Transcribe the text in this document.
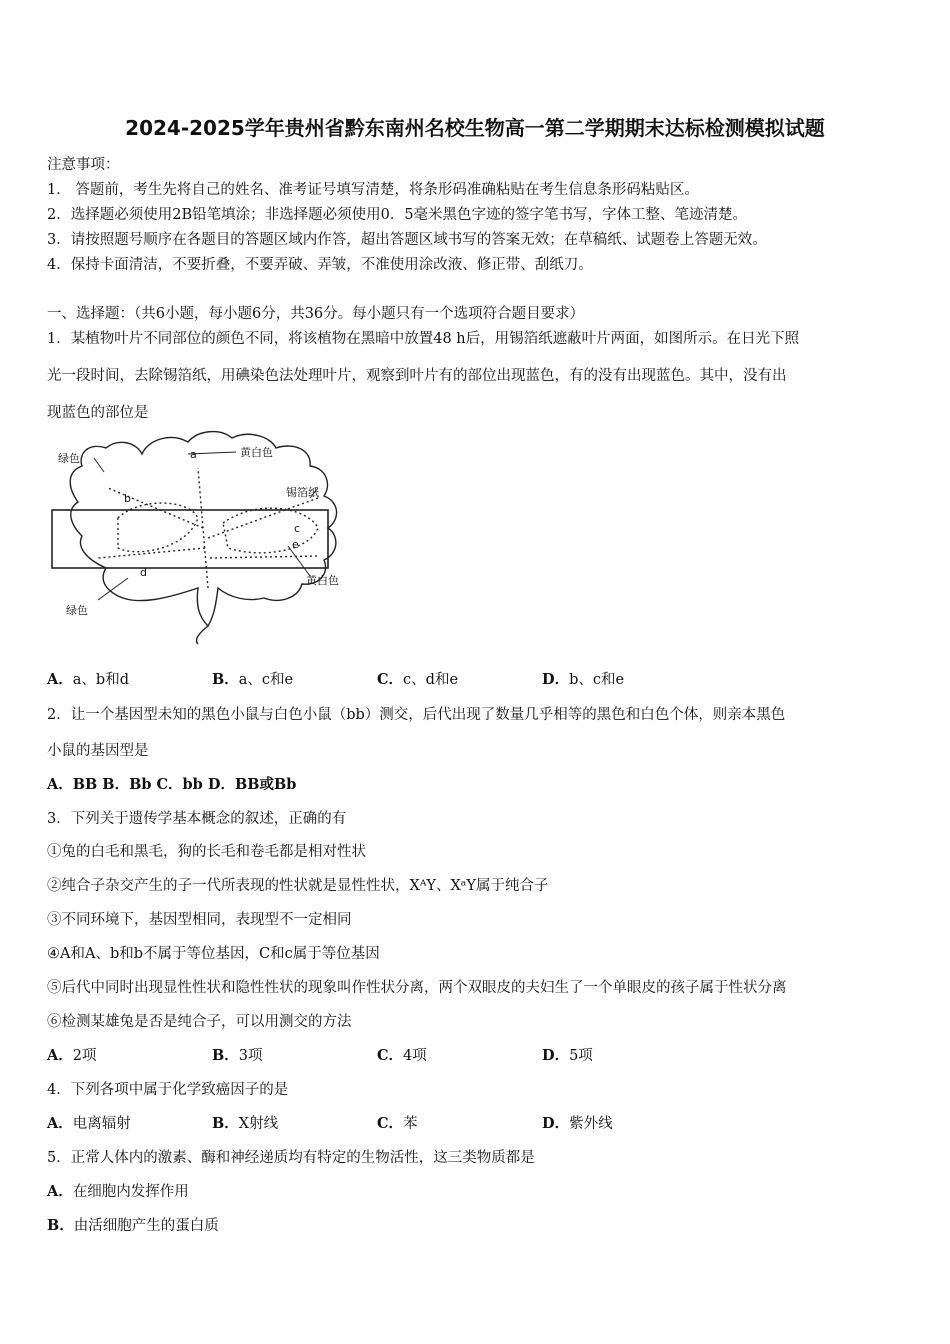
2024-2025学年贵州省黔东南州名校生物高一第二学期期末达标检测模拟试题
注意事项：
1． 答题前，考生先将自己的姓名、准考证号填写清楚，将条形码准确粘贴在考生信息条形码粘贴区。
2．选择题必须使用2B铅笔填涂；非选择题必须使用0．5毫米黑色字迹的签字笔书写，字体工整、笔迹清楚。
3．请按照题号顺序在各题目的答题区域内作答，超出答题区域书写的答案无效；在草稿纸、试题卷上答题无效。
4．保持卡面清洁，不要折叠，不要弄破、弄皱，不准使用涂改液、修正带、刮纸刀。
一、选择题：（共6小题，每小题6分，共36分。每小题只有一个选项符合题目要求）
1．某植物叶片不同部位的颜色不同，将该植物在黑暗中放置48 h后，用锡箔纸遮蔽叶片两面，如图所示。在日光下照
光一段时间，去除锡箔纸，用碘染色法处理叶片，观察到叶片有的部位出现蓝色，有的没有出现蓝色。其中，没有出
现蓝色的部位是
绿色	黄白色
锡箔纸
黄白色
绿色
a
b
c
d
e
A．a、b和d	B．a、c和e	C．c、d和e	D．b、c和e
2．让一个基因型未知的黑色小鼠与白色小鼠（bb）测交，后代出现了数量几乎相等的黑色和白色个体，则亲本黑色
小鼠的基因型是
A．BB B．Bb C．bb D．BB或Bb
3．下列关于遗传学基本概念的叙述，正确的有
①兔的白毛和黑毛，狗的长毛和卷毛都是相对性状
②纯合子杂交产生的子一代所表现的性状就是显性性状，XᴬY、XᵃY属于纯合子
③不同环境下，基因型相同，表现型不一定相同
④A和A、b和b不属于等位基因，C和c属于等位基因
⑤后代中同时出现显性性状和隐性性状的现象叫作性状分离，两个双眼皮的夫妇生了一个单眼皮的孩子属于性状分离
⑥检测某雄兔是否是纯合子，可以用测交的方法
A．2项	B．3项	C．4项	D．5项
4．下列各项中属于化学致癌因子的是
A．电离辐射	B．X射线	C．苯	D．紫外线
5．正常人体内的激素、酶和神经递质均有特定的生物活性，这三类物质都是
A．在细胞内发挥作用
B．由活细胞产生的蛋白质
